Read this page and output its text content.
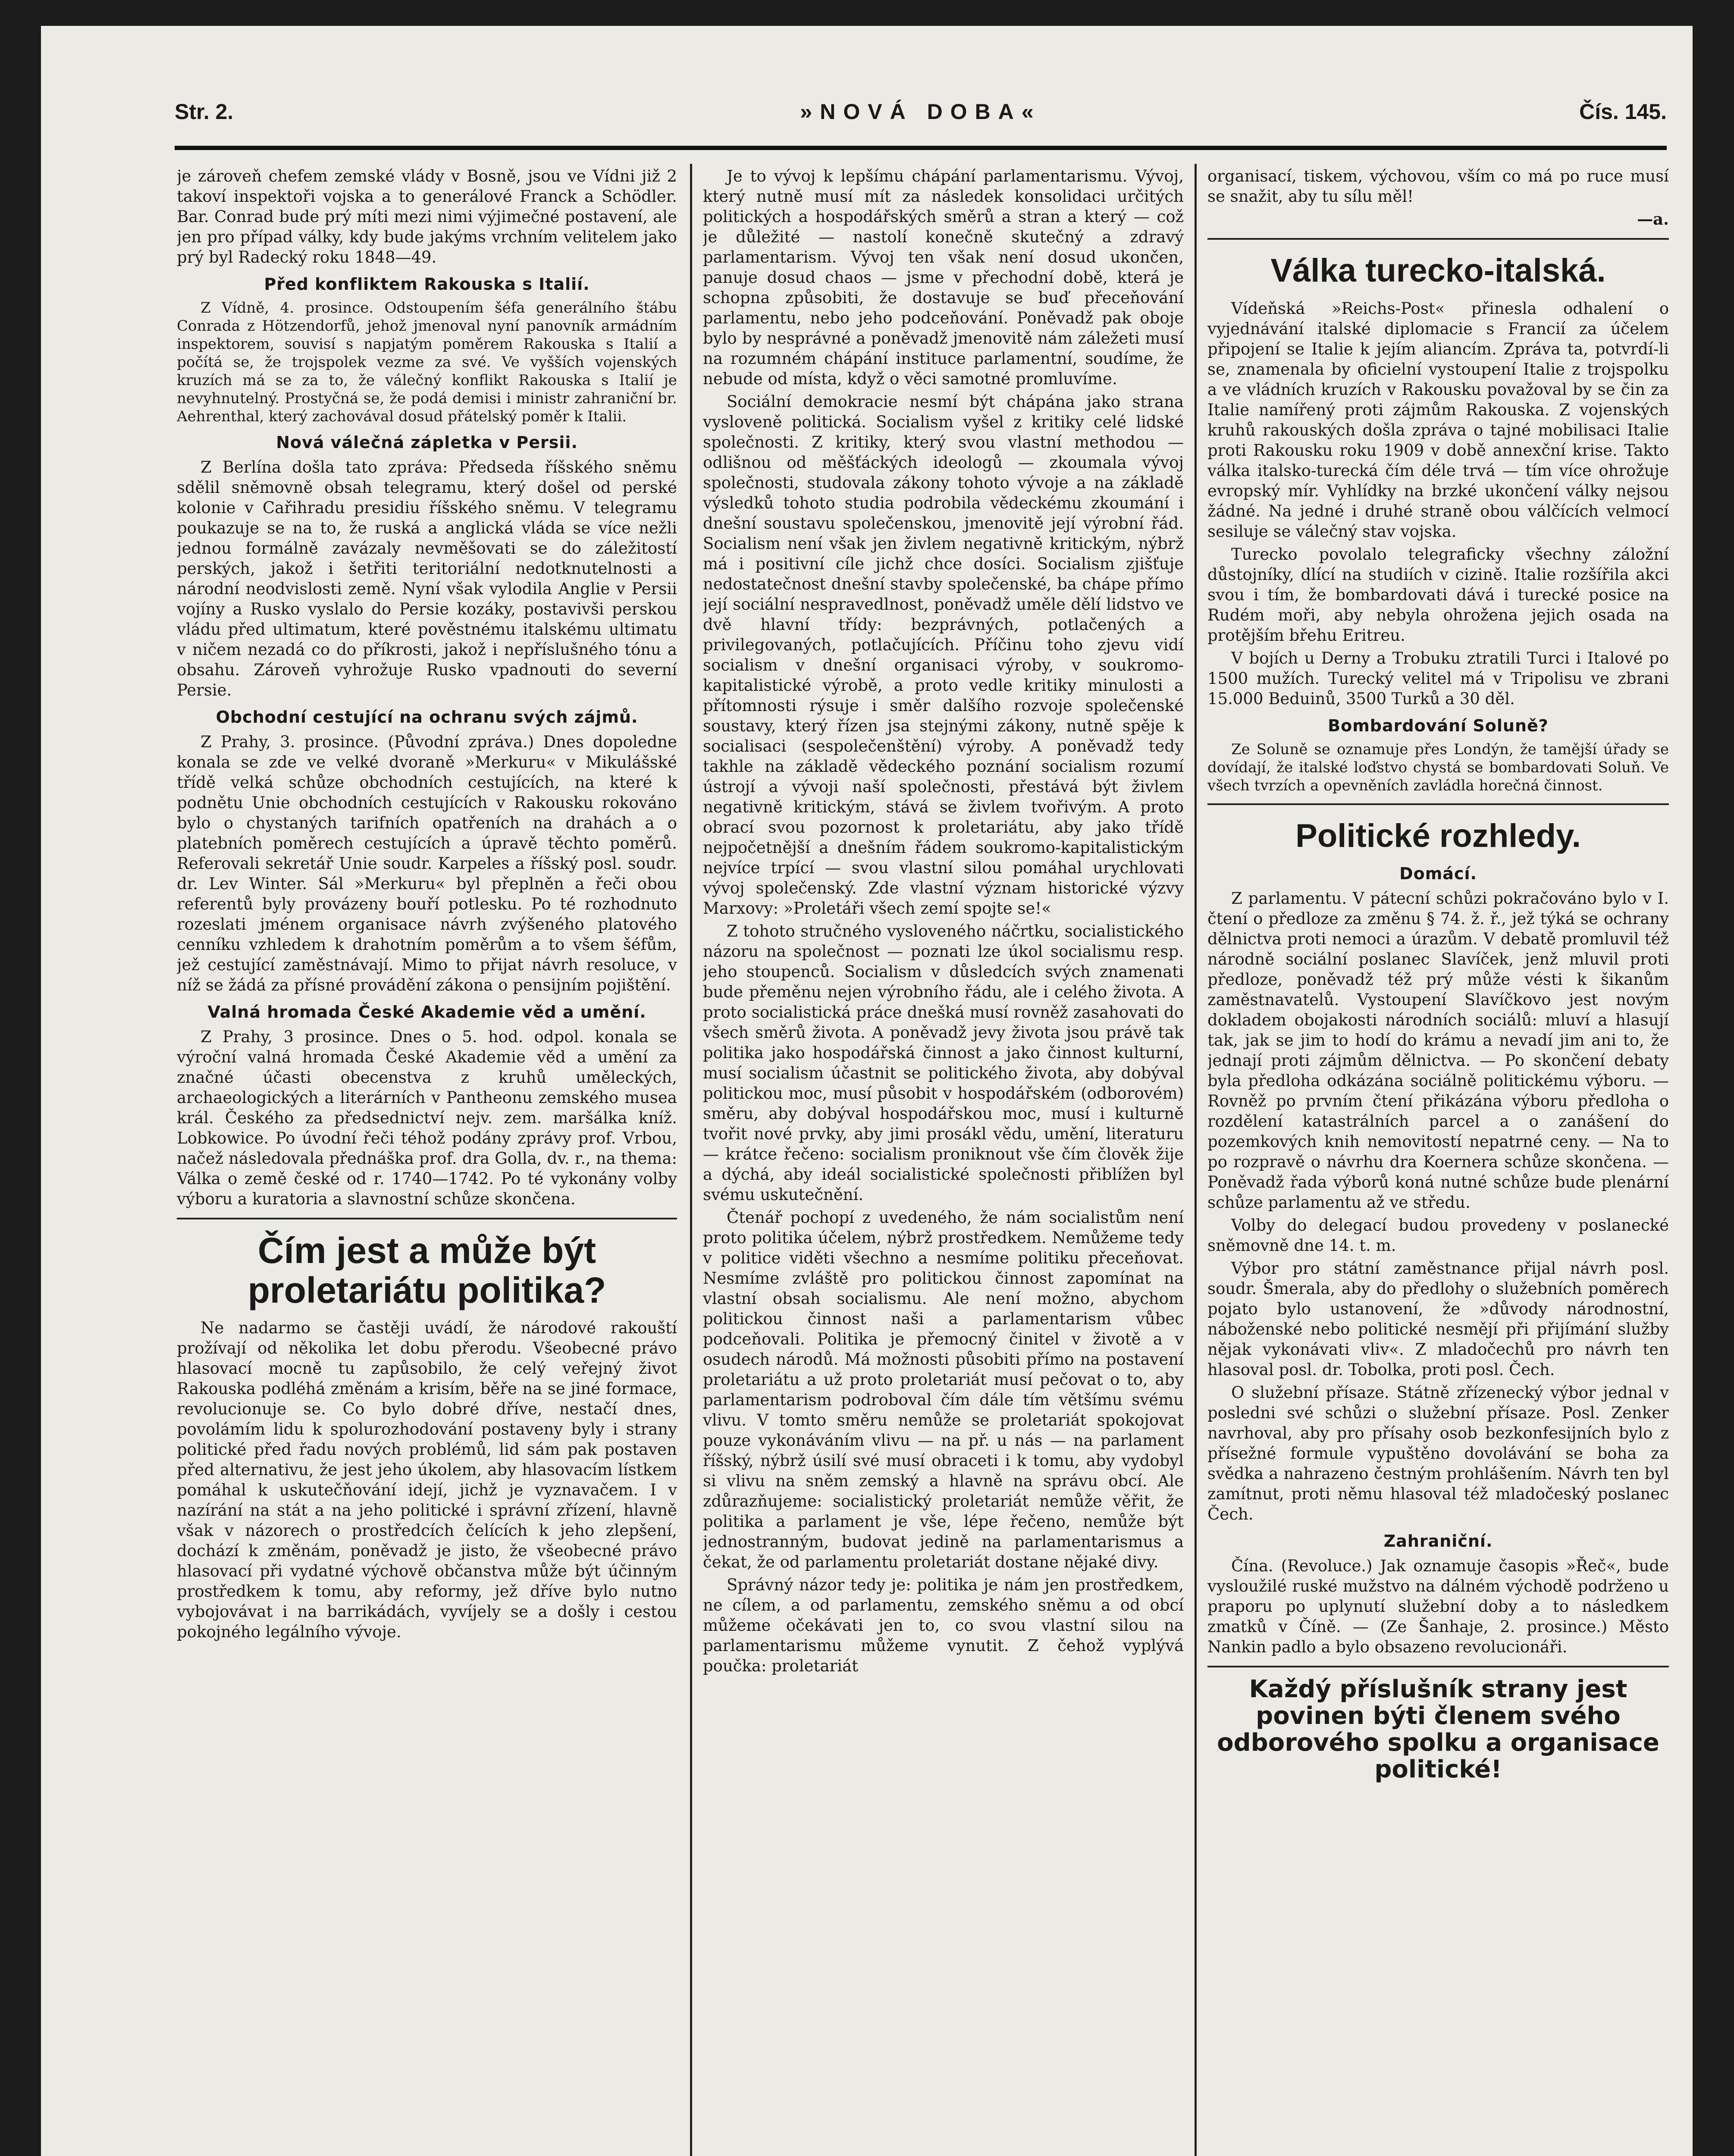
Str. 2.	»NOVÁ DOBA«	Čís. 145.

je zároveň chefem zemské vlády v Bosně, jsou ve Vídni již 2 takoví inspektoři vojska a to generálové Franck a Schödler. Bar. Conrad bude prý míti mezi nimi výjimečné postavení, ale jen pro případ války, kdy bude jakýms vrchním velitelem jako prý byl Radecký roku 1848—49.

Před konfliktem Rakouska s Italií.

Z Vídně, 4. prosince. Odstoupením šéfa generálního štábu Conrada z Hötzendorfů, jehož jmenoval nyní panovník armádním inspektorem, souvisí s napjatým poměrem Rakouska s Italií a počítá se, že trojspolek vezme za své. Ve vyšších vojenských kruzích má se za to, že válečný konflikt Rakouska s Italií je nevyhnutelný. Prostyčná se, že podá demisi i ministr zahraniční br. Aehrenthal, který zachovával dosud přátelský poměr k Italii.

Nová válečná zápletka v Persii.

Z Berlína došla tato zpráva: Předseda říšského sněmu sdělil sněmovně obsah telegramu, který došel od perské kolonie v Cařihradu presidiu říšského sněmu. V telegramu poukazuje se na to, že ruská a anglická vláda se více nežli jednou formálně zavázaly nevměšovati se do záležitostí perských, jakož i šetřiti teritoriální nedotknutelnosti a národní neodvislosti země. Nyní však vylodila Anglie v Persii vojíny a Rusko vyslalo do Persie kozáky, postavivši perskou vládu před ultimatum, které pověstnému italskému ultimatu v ničem nezadá co do příkrosti, jakož i nepříslušného tónu a obsahu. Zároveň vyhrožuje Rusko vpadnouti do severní Persie.

Obchodní cestující na ochranu svých zájmů.

Z Prahy, 3. prosince. (Původní zpráva.) Dnes dopoledne konala se zde ve velké dvoraně »Merkuru« v Mikulášské třídě velká schůze obchodních cestujících, na které k podnětu Unie obchodních cestujících v Rakousku rokováno bylo o chystaných tarifních opatřeních na drahách a o platebních poměrech cestujících a úpravě těchto poměrů. Referovali sekretář Unie soudr. Karpeles a říšský posl. soudr. dr. Lev Winter. Sál »Merkuru« byl přeplněn a řeči obou referentů byly provázeny bouří potlesku. Po té rozhodnuto rozeslati jménem organisace návrh zvýšeného platového cenníku vzhledem k drahotním poměrům a to všem šéfům, jež cestující zaměstnávají. Mimo to přijat návrh resoluce, v níž se žádá za přísné provádění zákona o pensijním pojištění.

Valná hromada České Akademie věd a umění.

Z Prahy, 3 prosince. Dnes o 5. hod. odpol. konala se výroční valná hromada České Akademie věd a umění za značné účasti obecenstva z kruhů uměleckých, archaeologických a literárních v Pantheonu zemského musea král. Českého za předsednictví nejv. zem. maršálka kníž. Lobkowice. Po úvodní řeči téhož podány zprávy prof. Vrbou, načež následovala přednáška prof. dra Golla, dv. r., na thema: Válka o země české od r. 1740—1742. Po té vykonány volby výboru a kuratoria a slavnostní schůze skončena.

Čím jest a může být proletariátu politika?

Ne nadarmo se častěji uvádí, že národové rakouští prožívají od několika let dobu přerodu. Všeobecné právo hlasovací mocně tu zapůsobilo, že celý veřejný život Rakouska podléhá změnám a krisím, běře na se jiné formace, revolucionuje se. Co bylo dobré dříve, nestačí dnes, povolámím lidu k spolurozhodování postaveny byly i strany politické před řadu nových problémů, lid sám pak postaven před alternativu, že jest jeho úkolem, aby hlasovacím lístkem pomáhal k uskutečňování idejí, jichž je vyznavačem. I v nazírání na stát a na jeho politické i správní zřízení, hlavně však v názorech o prostředcích čelících k jeho zlepšení, dochází k změnám, poněvadž je jisto, že všeobecné právo hlasovací při vydatné výchově občanstva může být účinným prostředkem k tomu, aby reformy, jež dříve bylo nutno vybojovávat i na barrikádách, vyvíjely se a došly i cestou pokojného legálního vývoje.

Je to vývoj k lepšímu chápání parlamentarismu. Vývoj, který nutně musí mít za následek konsolidaci určitých politických a hospodářských směrů a stran a který — což je důležité — nastolí konečně skutečný a zdravý parlamentarism. Vývoj ten však není dosud ukončen, panuje dosud chaos — jsme v přechodní době, která je schopna způsobiti, že dostavuje se buď přeceňování parlamentu, nebo jeho podceňování. Poněvadž pak oboje bylo by nesprávné a poněvadž jmenovitě nám záležeti musí na rozumném chápání instituce parlamentní, soudíme, že nebude od místa, když o věci samotné promluvíme.

Sociální demokracie nesmí být chápána jako strana vysloveně politická. Socialism vyšel z kritiky celé lidské společnosti. Z kritiky, který svou vlastní methodou — odlišnou od měšťáckých ideologů — zkoumala vývoj společnosti, studovala zákony tohoto vývoje a na základě výsledků tohoto studia podrobila vědeckému zkoumání i dnešní soustavu společenskou, jmenovitě její výrobní řád. Socialism není však jen živlem negativně kritickým, nýbrž má i positivní cíle jichž chce dosíci. Socialism zjišťuje nedostatečnost dnešní stavby společenské, ba chápe přímo její sociální nespravedlnost, poněvadž uměle dělí lidstvo ve dvě hlavní třídy: bezprávných, potlačených a privilegovaných, potlačujících. Příčinu toho zjevu vidí socialism v dnešní organisaci výroby, v soukromo-kapitalistické výrobě, a proto vedle kritiky minulosti a přítomnosti rýsuje i směr dalšího rozvoje společenské soustavy, který řízen jsa stejnými zákony, nutně spěje k socialisaci (sespolečenštění) výroby. A poněvadž tedy takhle na základě vědeckého poznání socialism rozumí ústrojí a vývoji naší společnosti, přestává být živlem negativně kritickým, stává se živlem tvořivým. A proto obrací svou pozornost k proletariátu, aby jako třídě nejpočetnější a dnešním řádem soukromo-kapitalistickým nejvíce trpící — svou vlastní silou pomáhal urychlovati vývoj společenský. Zde vlastní význam historické výzvy Marxovy: »Proletáři všech zemí spojte se!«

Z tohoto stručného vysloveného náčrtku, socialistického názoru na společnost — poznati lze úkol socialismu resp. jeho stoupenců. Socialism v důsledcích svých znamenati bude přeměnu nejen výrobního řádu, ale i celého života. A proto socialistická práce dnešká musí rovněž zasahovati do všech směrů života. A poněvadž jevy života jsou právě tak politika jako hospodářská činnost a jako činnost kulturní, musí socialism účastnit se politického života, aby dobýval politickou moc, musí působit v hospodářském (odborovém) směru, aby dobýval hospodářskou moc, musí i kulturně tvořit nové prvky, aby jimi prosákl vědu, umění, literaturu — krátce řečeno: socialism proniknout vše čím člověk žije a dýchá, aby ideál socialistické společnosti přiblížen byl svému uskutečnění.

Čtenář pochopí z uvedeného, že nám socialistům není proto politika účelem, nýbrž prostředkem. Nemůžeme tedy v politice viděti všechno a nesmíme politiku přeceňovat. Nesmíme zvláště pro politickou činnost zapomínat na vlastní obsah socialismu. Ale není možno, abychom politickou činnost naši a parlamentarism vůbec podceňovali. Politika je přemocný činitel v životě a v osudech národů. Má možnosti působiti přímo na postavení proletariátu a už proto proletariát musí pečovat o to, aby parlamentarism podroboval čím dále tím většímu svému vlivu. V tomto směru nemůže se proletariát spokojovat pouze vykonáváním vlivu — na př. u nás — na parlament říšský, nýbrž úsilí své musí obraceti i k tomu, aby vydobyl si vlivu na sněm zemský a hlavně na správu obcí. Ale zdůrazňujeme: socialistický proletariát nemůže věřit, že politika a parlament je vše, lépe řečeno, nemůže být jednostranným, budovat jedině na parlamentarismus a čekat, že od parlamentu proletariát dostane nějaké divy.

Správný názor tedy je: politika je nám jen prostředkem, ne cílem, a od parlamentu, zemského sněmu a od obcí můžeme očekávati jen to, co svou vlastní silou na parlamentarismu můžeme vynutit. Z čehož vyplývá poučka: proletariát

organisací, tiskem, výchovou, vším co má po ruce musí se snažit, aby tu sílu měl!

—a.
Válka turecko-italská.

Vídeňská »Reichs-Post« přinesla odhalení o vyjednávání italské diplomacie s Francií za účelem připojení se Italie k jejím aliancím. Zpráva ta, potvrdí-li se, znamenala by oficielní vystoupení Italie z trojspolku a ve vládních kruzích v Rakousku považoval by se čin za Italie namířený proti zájmům Rakouska. Z vojenských kruhů rakouských došla zpráva o tajné mobilisaci Italie proti Rakousku roku 1909 v době annexční krise. Takto válka italsko-turecká čím déle trvá — tím více ohrožuje evropský mír. Vyhlídky na brzké ukončení války nejsou žádné. Na jedné i druhé straně obou válčících velmocí sesiluje se válečný stav vojska.

Turecko povolalo telegraficky všechny záložní důstojníky, dlící na studiích v cizině. Italie rozšířila akci svou i tím, že bombardovati dává i turecké posice na Rudém moři, aby nebyla ohrožena jejich osada na protějším břehu Eritreu.

V bojích u Derny a Trobuku ztratili Turci i Italové po 1500 mužích. Turecký velitel má v Tripolisu ve zbrani 15.000 Beduinů, 3500 Turků a 30 děl.

Bombardování Soluně?

Ze Soluně se oznamuje přes Londýn, že tamější úřady se dovídají, že italské loďstvo chystá se bombardovati Soluň. Ve všech tvrzích a opevněních zavládla horečná činnost.

Politické rozhledy.
Domácí.

Z parlamentu. V pátecní schůzi pokračováno bylo v I. čtení o předloze za změnu § 74. ž. ř., jež týká se ochrany dělnictva proti nemoci a úrazům. V debatě promluvil též národně sociální poslanec Slavíček, jenž mluvil proti předloze, poněvadž též prý může vésti k šikanům zaměstnavatelů. Vystoupení Slavíčkovo jest novým dokladem obojakosti národních sociálů: mluví a hlasují tak, jak se jim to hodí do krámu a nevadí jim ani to, že jednají proti zájmům dělnictva. — Po skončení debaty byla předloha odkázána sociálně politickému výboru. — Rovněž po prvním čtení přikázána výboru předloha o rozdělení katastrálních parcel a o zanášení do pozemkových knih nemovitostí nepatrné ceny. — Na to po rozpravě o návrhu dra Koernera schůze skončena. — Poněvadž řada výborů koná nutné schůze bude plenární schůze parlamentu až ve středu.

Volby do delegací budou provedeny v poslanecké sněmovně dne 14. t. m.

Výbor pro státní zaměstnance přijal návrh posl. soudr. Šmerala, aby do předlohy o služebních poměrech pojato bylo ustanovení, že »důvody národnostní, náboženské nebo politické nesmějí při přijímání služby nějak vykonávati vliv«. Z mladočechů pro návrh ten hlasoval posl. dr. Tobolka, proti posl. Čech.

O služební přísaze. Státně zřízenecký výbor jednal v posledni své schůzi o služební přísaze. Posl. Zenker navrhoval, aby pro přísahy osob bezkonfesijních bylo z přísežné formule vypuštěno dovolávání se boha za svědka a nahrazeno čestným prohlášením. Návrh ten byl zamítnut, proti němu hlasoval též mladočeský poslanec Čech.

Zahraniční.

Čína. (Revoluce.) Jak oznamuje časopis »Řeč«, bude vysloužilé ruské mužstvo na dálném východě podrženo u praporu po uplynutí služební doby a to následkem zmatků v Číně. — (Ze Šanhaje, 2. prosince.) Město Nankin padlo a bylo obsazeno revolucionáři.

Každý příslušník strany jest povinen býti členem svého odborového spolku a organisace politické!
